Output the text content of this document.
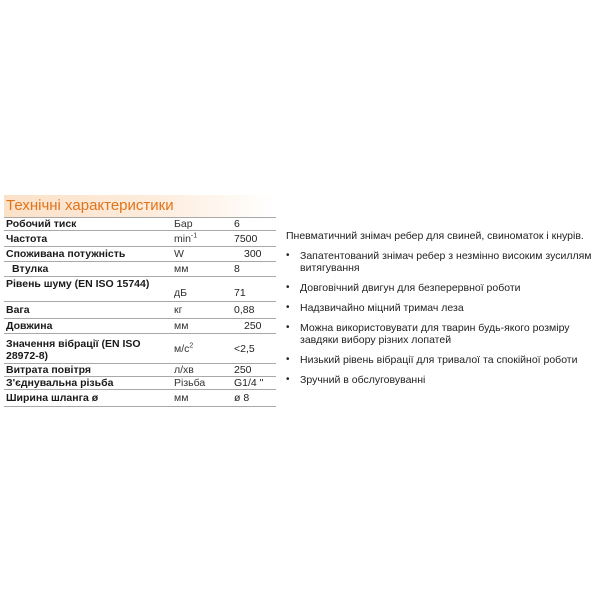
Технічні характеристики
Робочий тиск	Бар	6
Частота	$\min^{-1}$	7500
Споживана потужність	W	300
Втулка	мм	8
Рівень шуму (EN ISO 15744)	дБ	71
Вага	кг	0,88
Довжина	мм	250
Значення вібрації (EN ISO 28972-8)	$м/с^2$	<2,5
Витрата повітря	л/хв	250
З'єднувальна різьба	Різьба	G1/4 "
Ширина шланга ø	мм	ø 8

Пневматичний знімач ребер для свиней, свиноматок і кнурів.

• Запатентований знімач ребер з незмінно високим зусиллям витягування
• Довговічний двигун для безперервної роботи
• Надзвичайно міцний тримач леза
• Можна використовувати для тварин будь-якого розміру завдяки вибору різних лопатей
• Низький рівень вібрації для тривалої та спокійної роботи
• Зручний в обслуговуванні
